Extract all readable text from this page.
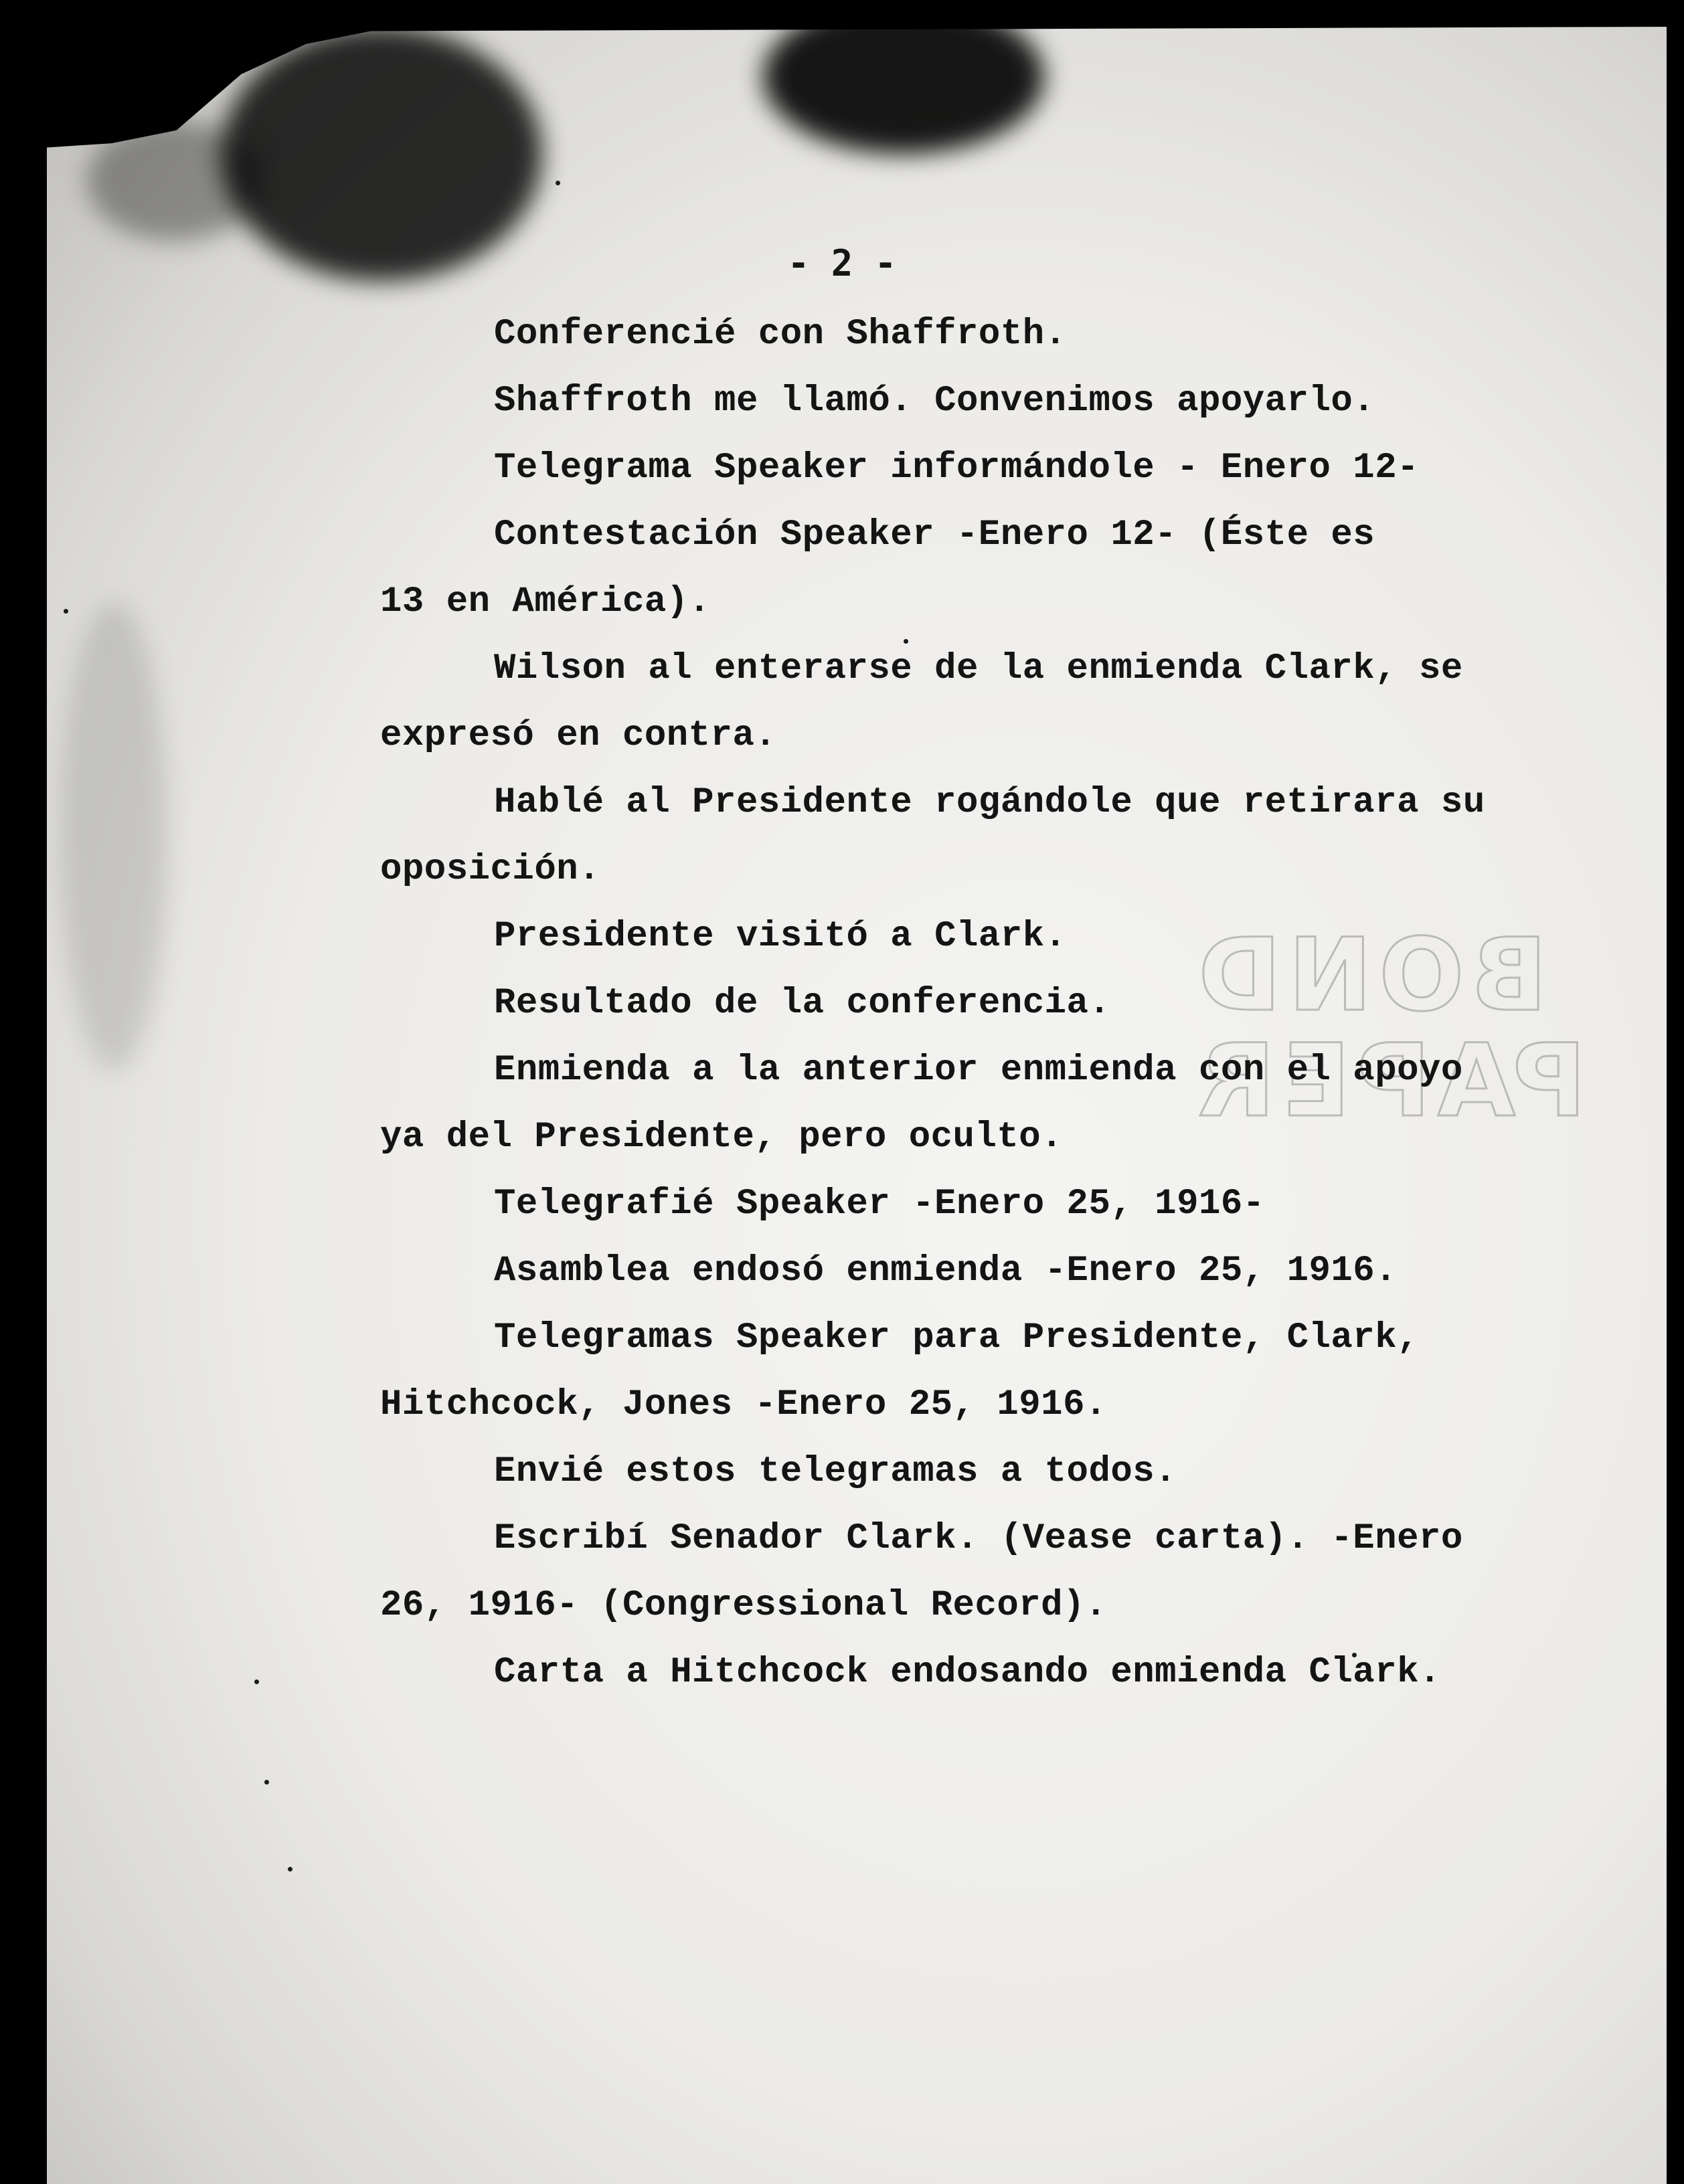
BOND
PAPER
- 2 -
Conferencié con Shaffroth.
Shaffroth me llamó. Convenimos apoyarlo.
Telegrama Speaker informándole - Enero 12-
Contestación Speaker -Enero 12- (Éste es
13 en América).
Wilson al enterarse de la enmienda Clark, se
expresó en contra.
Hablé al Presidente rogándole que retirara su
oposición.
Presidente visitó a Clark.
Resultado de la conferencia.
Enmienda a la anterior enmienda con el apoyo
ya del Presidente, pero oculto.
Telegrafié Speaker -Enero 25, 1916-
Asamblea endosó enmienda -Enero 25, 1916.
Telegramas Speaker para Presidente, Clark,
Hitchcock, Jones -Enero 25, 1916.
Envié estos telegramas a todos.
Escribí Senador Clark. (Vease carta). -Enero
26, 1916- (Congressional Record).
Carta a Hitchcock endosando enmienda Clark.
